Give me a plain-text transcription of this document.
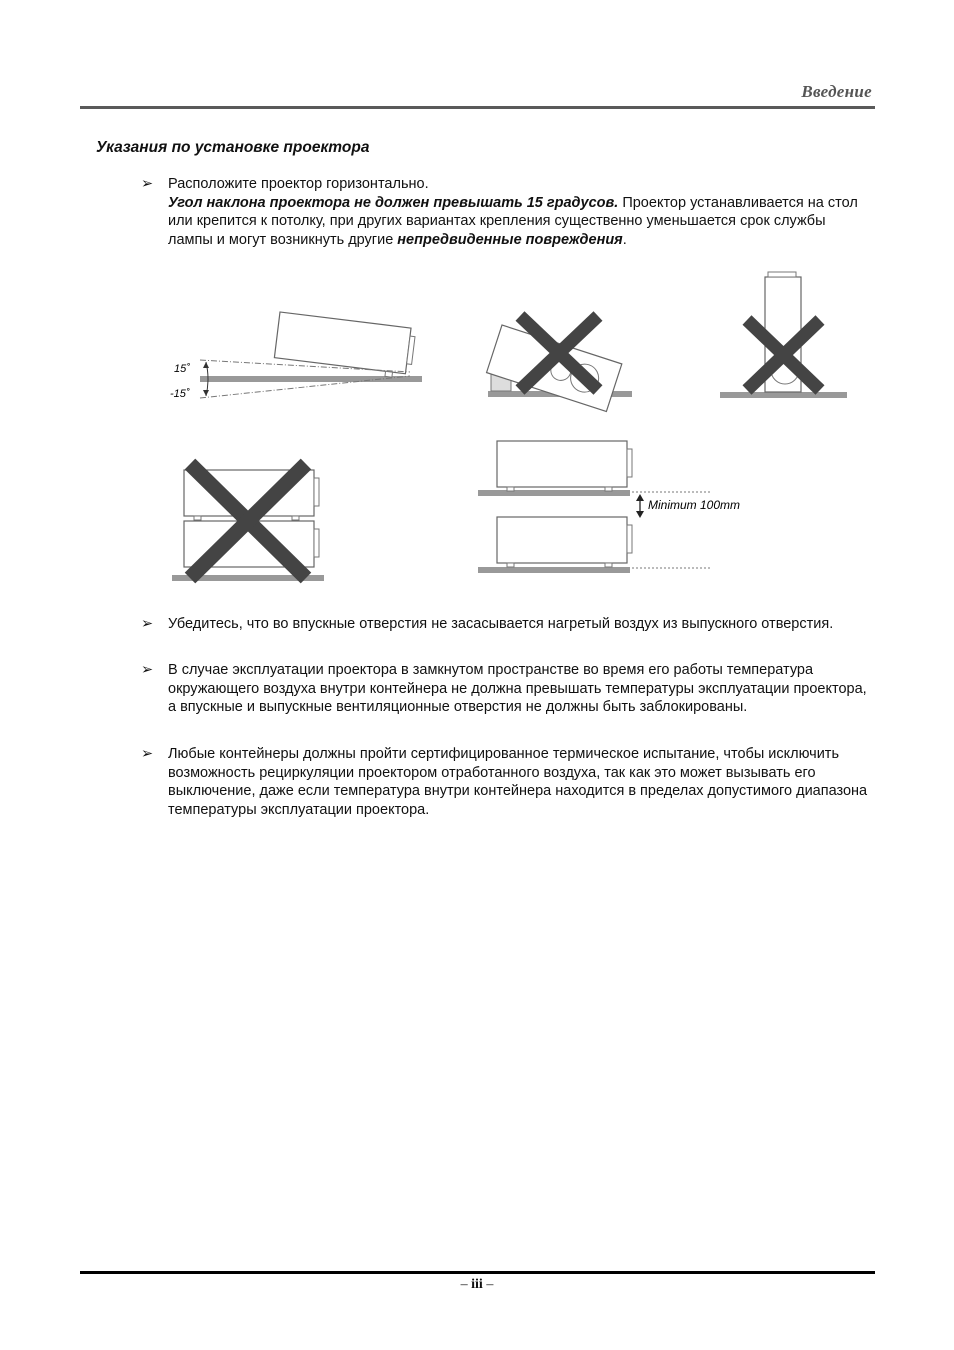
Введение
Указания по установке проектора
➢ Расположите проектор горизонтально.
Угол наклона проектора не должен превышать 15 градусов. Проектор устанавливается на стол или крепится к потолку, при других вариантах крепления существенно уменьшается срок службы лампы и могут возникнуть другие непредвиденные повреждения.
15˚
-15˚
Minimum 100mm
➢ Убедитесь, что во впускные отверстия не засасывается нагретый воздух из выпускного отверстия.
➢ В случае эксплуатации проектора в замкнутом пространстве во время его работы температура окружающего воздуха внутри контейнера не должна превышать температуры эксплуатации проектора, а впускные и выпускные вентиляционные отверстия не должны быть заблокированы.
➢ Любые контейнеры должны пройти сертифицированное термическое испытание, чтобы исключить возможность рециркуляции проектором отработанного воздуха, так как это может вызывать его выключение, даже если температура внутри контейнера находится в пределах допустимого диапазона температуры эксплуатации проектора.
– iii –
